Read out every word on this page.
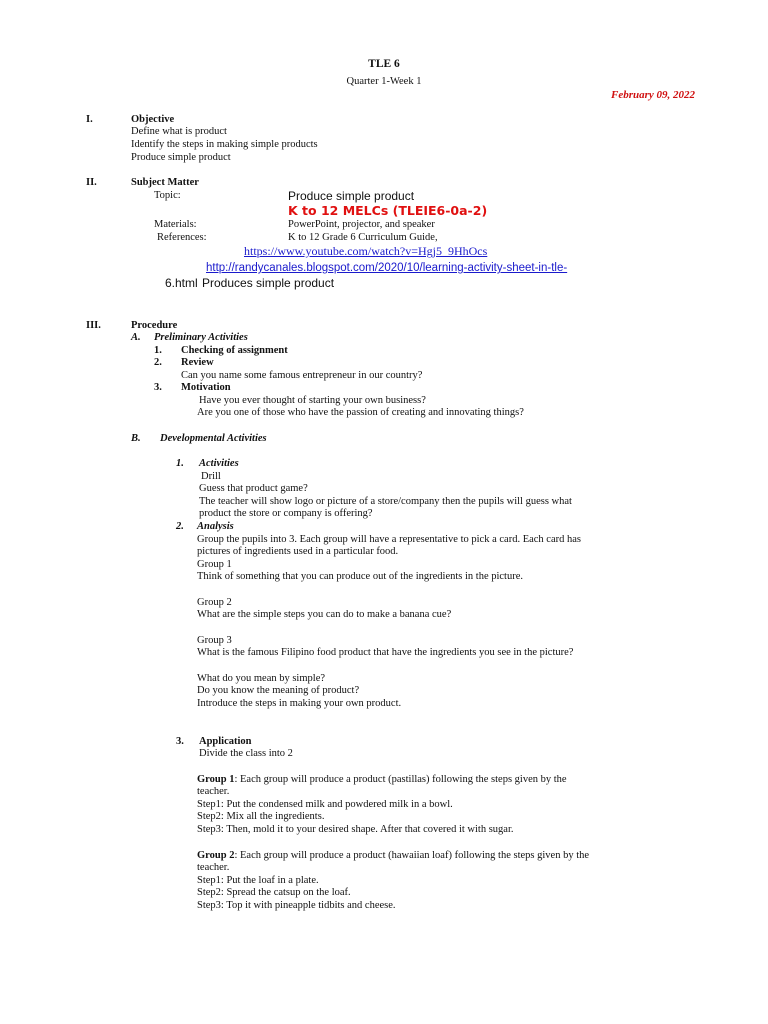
TLE 6
Quarter 1-Week 1
February 09, 2022
I.	Objective
Define what is product
Identify the steps in making simple products
Produce simple product
II.	Subject Matter
Topic:	Produce simple product
K to 12 MELCs (TLEIE6-0a-2)
Materials:	PowerPoint, projector, and speaker
References:	K to 12 Grade 6 Curriculum Guide,
https://www.youtube.com/watch?v=Hgj5_9HhOcs
http://randycanales.blogspot.com/2020/10/learning-activity-sheet-in-tle-
6.html Produces simple product
III.	Procedure
A. Preliminary Activities
1. Checking of assignment
2. Review
Can you name some famous entrepreneur in our country?
3. Motivation
Have you ever thought of starting your own business?
Are you one of those who have the passion of creating and innovating things?
B. Developmental Activities
1. Activities
Drill
Guess that product game?
The teacher will show logo or picture of a store/company then the pupils will guess what
product the store or company is offering?
2. Analysis
Group the pupils into 3. Each group will have a representative to pick a card. Each card has
pictures of ingredients used in a particular food.
Group 1
Think of something that you can produce out of the ingredients in the picture.
Group 2
What are the simple steps you can do to make a banana cue?
Group 3
What is the famous Filipino food product that have the ingredients you see in the picture?
What do you mean by simple?
Do you know the meaning of product?
Introduce the steps in making your own product.
3. Application
Divide the class into 2
Group 1: Each group will produce a product (pastillas) following the steps given by the
teacher.
Step1: Put the condensed milk and powdered milk in a bowl.
Step2: Mix all the ingredients.
Step3: Then, mold it to your desired shape. After that covered it with sugar.
Group 2: Each group will produce a product (hawaiian loaf) following the steps given by the
teacher.
Step1: Put the loaf in a plate.
Step2: Spread the catsup on the loaf.
Step3: Top it with pineapple tidbits and cheese.
